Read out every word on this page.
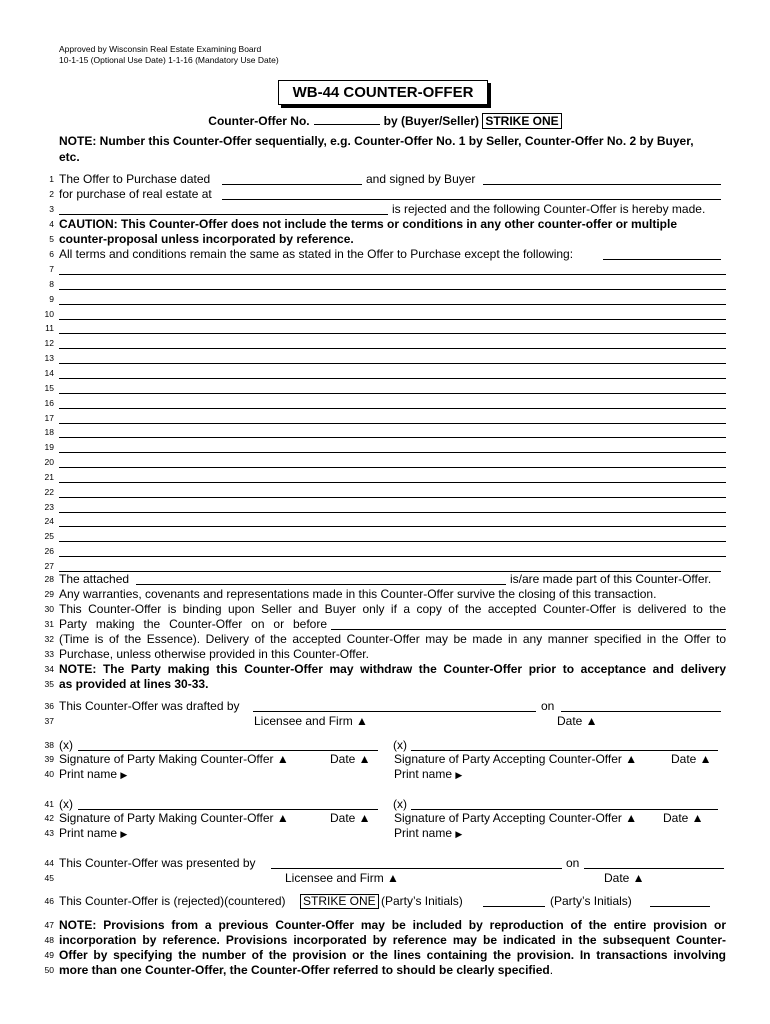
Approved by Wisconsin Real Estate Examining Board
10-1-15 (Optional Use Date) 1-1-16 (Mandatory Use Date)
WB-44 COUNTER-OFFER
Counter-Offer No.	by (Buyer/Seller) STRIKE ONE
NOTE: Number this Counter-Offer sequentially, e.g. Counter-Offer No. 1 by Seller, Counter-Offer No. 2 by Buyer, etc.
1 The Offer to Purchase dated	and signed by Buyer
2 for purchase of real estate at
3	is rejected and the following Counter-Offer is hereby made.
4 CAUTION: This Counter-Offer does not include the terms or conditions in any other counter-offer or multiple
5 counter-proposal unless incorporated by reference.
6 All terms and conditions remain the same as stated in the Offer to Purchase except the following:
7
8
9
10
11
12
13
14
15
16
17
18
19
20
21
22
23
24
25
26
27
28 The attached	is/are made part of this Counter-Offer.
29 Any warranties, covenants and representations made in this Counter-Offer survive the closing of this transaction.
30 This Counter-Offer is binding upon Seller and Buyer only if a copy of the accepted Counter-Offer is delivered to the
31 Party making the Counter-Offer on or before
32 (Time is of the Essence). Delivery of the accepted Counter-Offer may be made in any manner specified in the Offer to
33 Purchase, unless otherwise provided in this Counter-Offer.
34 NOTE: The Party making this Counter-Offer may withdraw the Counter-Offer prior to acceptance and delivery
35 as provided at lines 30-33.
36 This Counter-Offer was drafted by	on
37	Licensee and Firm ▲	Date ▲
38 (x)	(x)
39 Signature of Party Making Counter-Offer ▲	Date ▲ Signature of Party Accepting Counter-Offer ▲	Date ▲
40 Print name ▶	Print name ▶
41 (x)	(x)
42 Signature of Party Making Counter-Offer ▲	Date ▲ Signature of Party Accepting Counter-Offer ▲ Date ▲
43 Print name ▶	Print name ▶
44 This Counter-Offer was presented by	on
45	Licensee and Firm ▲	Date ▲
46 This Counter-Offer is (rejected)(countered) STRIKE ONE (Party’s Initials)	(Party’s Initials)
47 NOTE: Provisions from a previous Counter-Offer may be included by reproduction of the entire provision or
48 incorporation by reference. Provisions incorporated by reference may be indicated in the subsequent Counter-
49 Offer by specifying the number of the provision or the lines containing the provision. In transactions involving
50 more than one Counter-Offer, the Counter-Offer referred to should be clearly specified.
